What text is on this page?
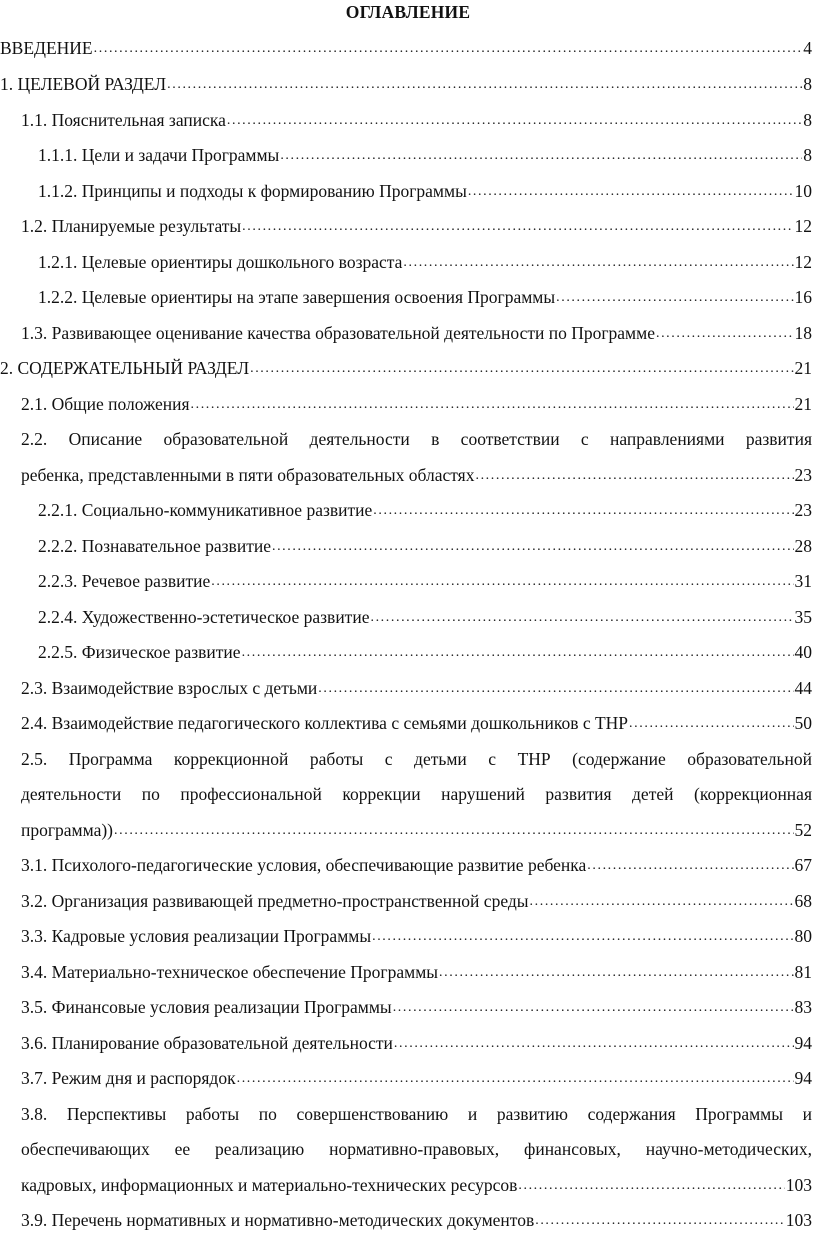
ОГЛАВЛЕНИЕ
ВВЕДЕНИЕ .....	4
1. ЦЕЛЕВОЙ РАЗДЕЛ .....	8
1.1. Пояснительная записка .....	8
1.1.1. Цели и задачи Программы .....	8
1.1.2. Принципы и подходы к формированию Программы .....	10
1.2. Планируемые результаты .....	12
1.2.1. Целевые ориентиры дошкольного возраста .....	12
1.2.2. Целевые ориентиры на этапе завершения освоения Программы .....	16
1.3. Развивающее оценивание качества образовательной деятельности по Программе .....	18
2. СОДЕРЖАТЕЛЬНЫЙ РАЗДЕЛ .....	21
2.1. Общие положения .....	21
2.2. Описание образовательной деятельности в соответствии с направлениями развития
ребенка, представленными в пяти образовательных областях .....	23
2.2.1. Социально-коммуникативное развитие .....	23
2.2.2. Познавательное развитие .....	28
2.2.3. Речевое развитие .....	31
2.2.4. Художественно-эстетическое развитие .....	35
2.2.5. Физическое развитие .....	40
2.3. Взаимодействие взрослых с детьми .....	44
2.4. Взаимодействие педагогического коллектива с семьями дошкольников с ТНР .....	50
2.5. Программа коррекционной работы с детьми с ТНР (содержание образовательной
деятельности по профессиональной коррекции нарушений развития детей (коррекционная
программа)) .....	52
3.1. Психолого-педагогические условия, обеспечивающие развитие ребенка .....	67
3.2. Организация развивающей предметно-пространственной среды .....	68
3.3. Кадровые условия реализации Программы .....	80
3.4. Материально-техническое обеспечение Программы .....	81
3.5. Финансовые условия реализации Программы .....	83
3.6. Планирование образовательной деятельности .....	94
3.7. Режим дня и распорядок .....	94
3.8. Перспективы работы по совершенствованию и развитию содержания Программы и
обеспечивающих ее реализацию нормативно-правовых, финансовых, научно-методических,
кадровых, информационных и материально-технических ресурсов .....	103
3.9. Перечень нормативных и нормативно-методических документов .....	103
